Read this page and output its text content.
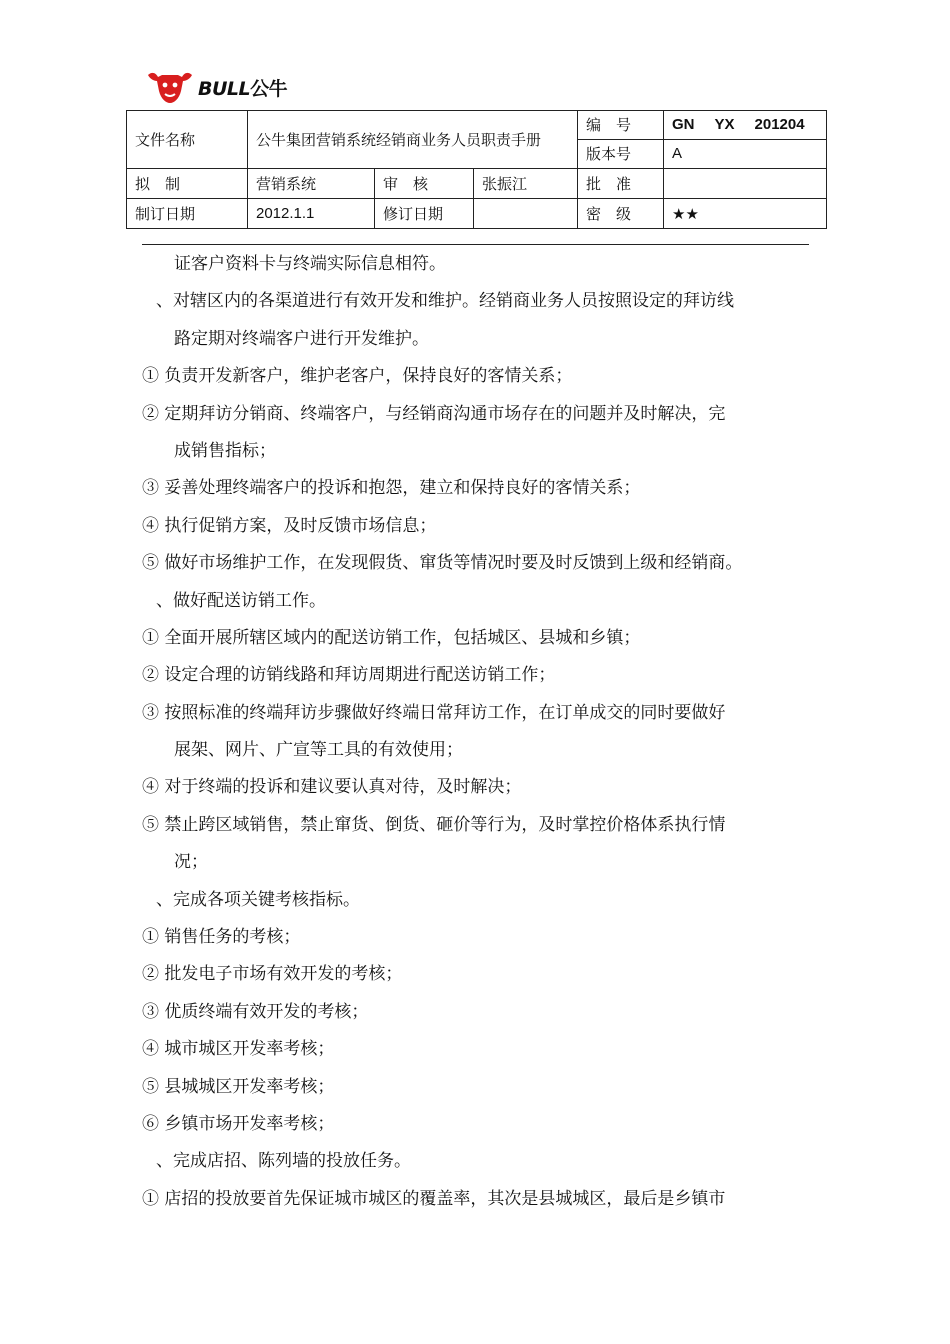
BULL公牛
文件名称	公牛集团营销系统经销商业务人员职责手册			编　号	GN YX 201204

				版本号	A

拟　制	营销系统	审　核	张振江	批　准	

制订日期	2012.1.1	修订日期		密　级	★★
证客户资料卡与终端实际信息相符。
、对辖区内的各渠道进行有效开发和维护。经销商业务人员按照设定的拜访线
路定期对终端客户进行开发维护。
① 负责开发新客户，维护老客户，保持良好的客情关系；
② 定期拜访分销商、终端客户，与经销商沟通市场存在的问题并及时解决，完
成销售指标；
③ 妥善处理终端客户的投诉和抱怨，建立和保持良好的客情关系；
④ 执行促销方案，及时反馈市场信息；
⑤ 做好市场维护工作，在发现假货、窜货等情况时要及时反馈到上级和经销商。
、做好配送访销工作。
① 全面开展所辖区域内的配送访销工作，包括城区、县城和乡镇；
② 设定合理的访销线路和拜访周期进行配送访销工作；
③ 按照标准的终端拜访步骤做好终端日常拜访工作，在订单成交的同时要做好
展架、网片、广宣等工具的有效使用；
④ 对于终端的投诉和建议要认真对待，及时解决；
⑤ 禁止跨区域销售，禁止窜货、倒货、砸价等行为，及时掌控价格体系执行情
况；
、完成各项关键考核指标。
① 销售任务的考核；
② 批发电子市场有效开发的考核；
③ 优质终端有效开发的考核；
④ 城市城区开发率考核；
⑤ 县城城区开发率考核；
⑥ 乡镇市场开发率考核；
、完成店招、陈列墙的投放任务。
① 店招的投放要首先保证城市城区的覆盖率，其次是县城城区，最后是乡镇市
